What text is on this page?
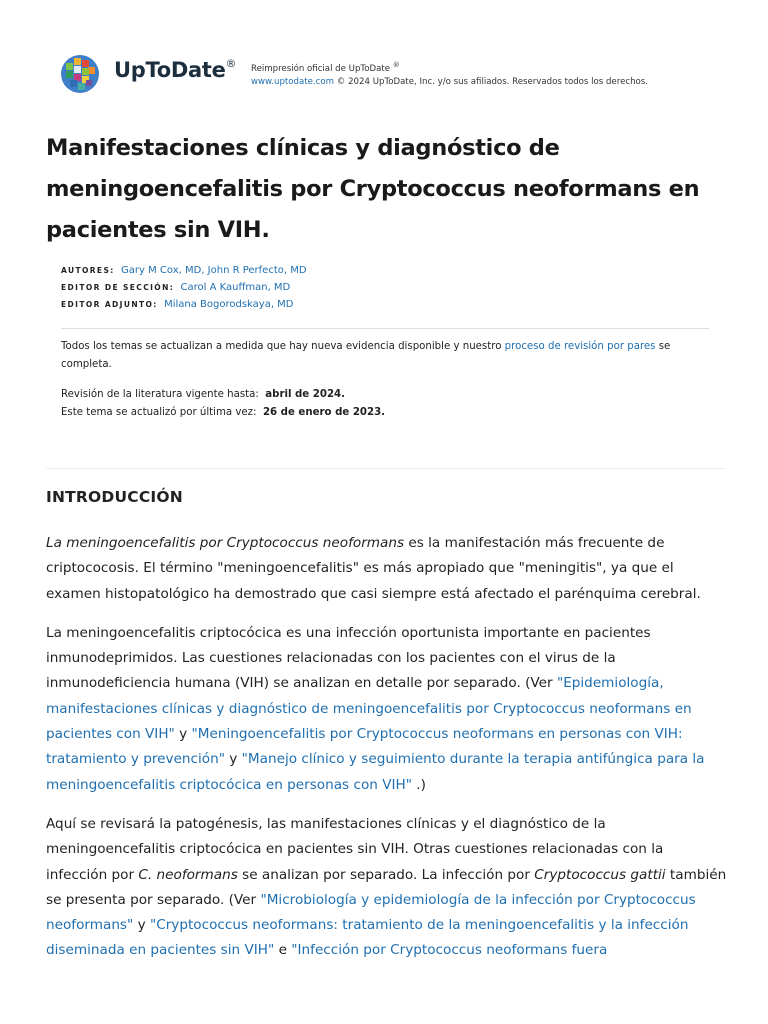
UpToDate® Reimpresión oficial de UpToDate ®
www.uptodate.com © 2024 UpToDate, Inc. y/o sus afiliados. Reservados todos los derechos.
Manifestaciones clínicas y diagnóstico de meningoencefalitis por Cryptococcus neoformans en pacientes sin VIH.
AUTORES: Gary M Cox, MD, John R Perfecto, MD
EDITOR DE SECCIÓN: Carol A Kauffman, MD
EDITOR ADJUNTO: Milana Bogorodskaya, MD

Todos los temas se actualizan a medida que hay nueva evidencia disponible y nuestro proceso de revisión por pares se completa.

Revisión de la literatura vigente hasta: abril de 2024.

Este tema se actualizó por última vez: 26 de enero de 2023.

INTRODUCCIÓN

La meningoencefalitis por Cryptococcus neoformans es la manifestación más frecuente de criptococosis. El término "meningoencefalitis" es más apropiado que "meningitis", ya que el examen histopatológico ha demostrado que casi siempre está afectado el parénquima cerebral.

La meningoencefalitis criptocócica es una infección oportunista importante en pacientes inmunodeprimidos. Las cuestiones relacionadas con los pacientes con el virus de la inmunodeficiencia humana (VIH) se analizan en detalle por separado. (Ver "Epidemiología, manifestaciones clínicas y diagnóstico de meningoencefalitis por Cryptococcus neoformans en pacientes con VIH" y "Meningoencefalitis por Cryptococcus neoformans en personas con VIH: tratamiento y prevención" y "Manejo clínico y seguimiento durante la terapia antifúngica para la meningoencefalitis criptocócica en personas con VIH" .)

Aquí se revisará la patogénesis, las manifestaciones clínicas y el diagnóstico de la meningoencefalitis criptocócica en pacientes sin VIH. Otras cuestiones relacionadas con la infección por C. neoformans se analizan por separado. La infección por Cryptococcus gattii también se presenta por separado. (Ver "Microbiología y epidemiología de la infección por Cryptococcus neoformans" y "Cryptococcus neoformans: tratamiento de la meningoencefalitis y la infección diseminada en pacientes sin VIH" e "Infección por Cryptococcus neoformans fuera
